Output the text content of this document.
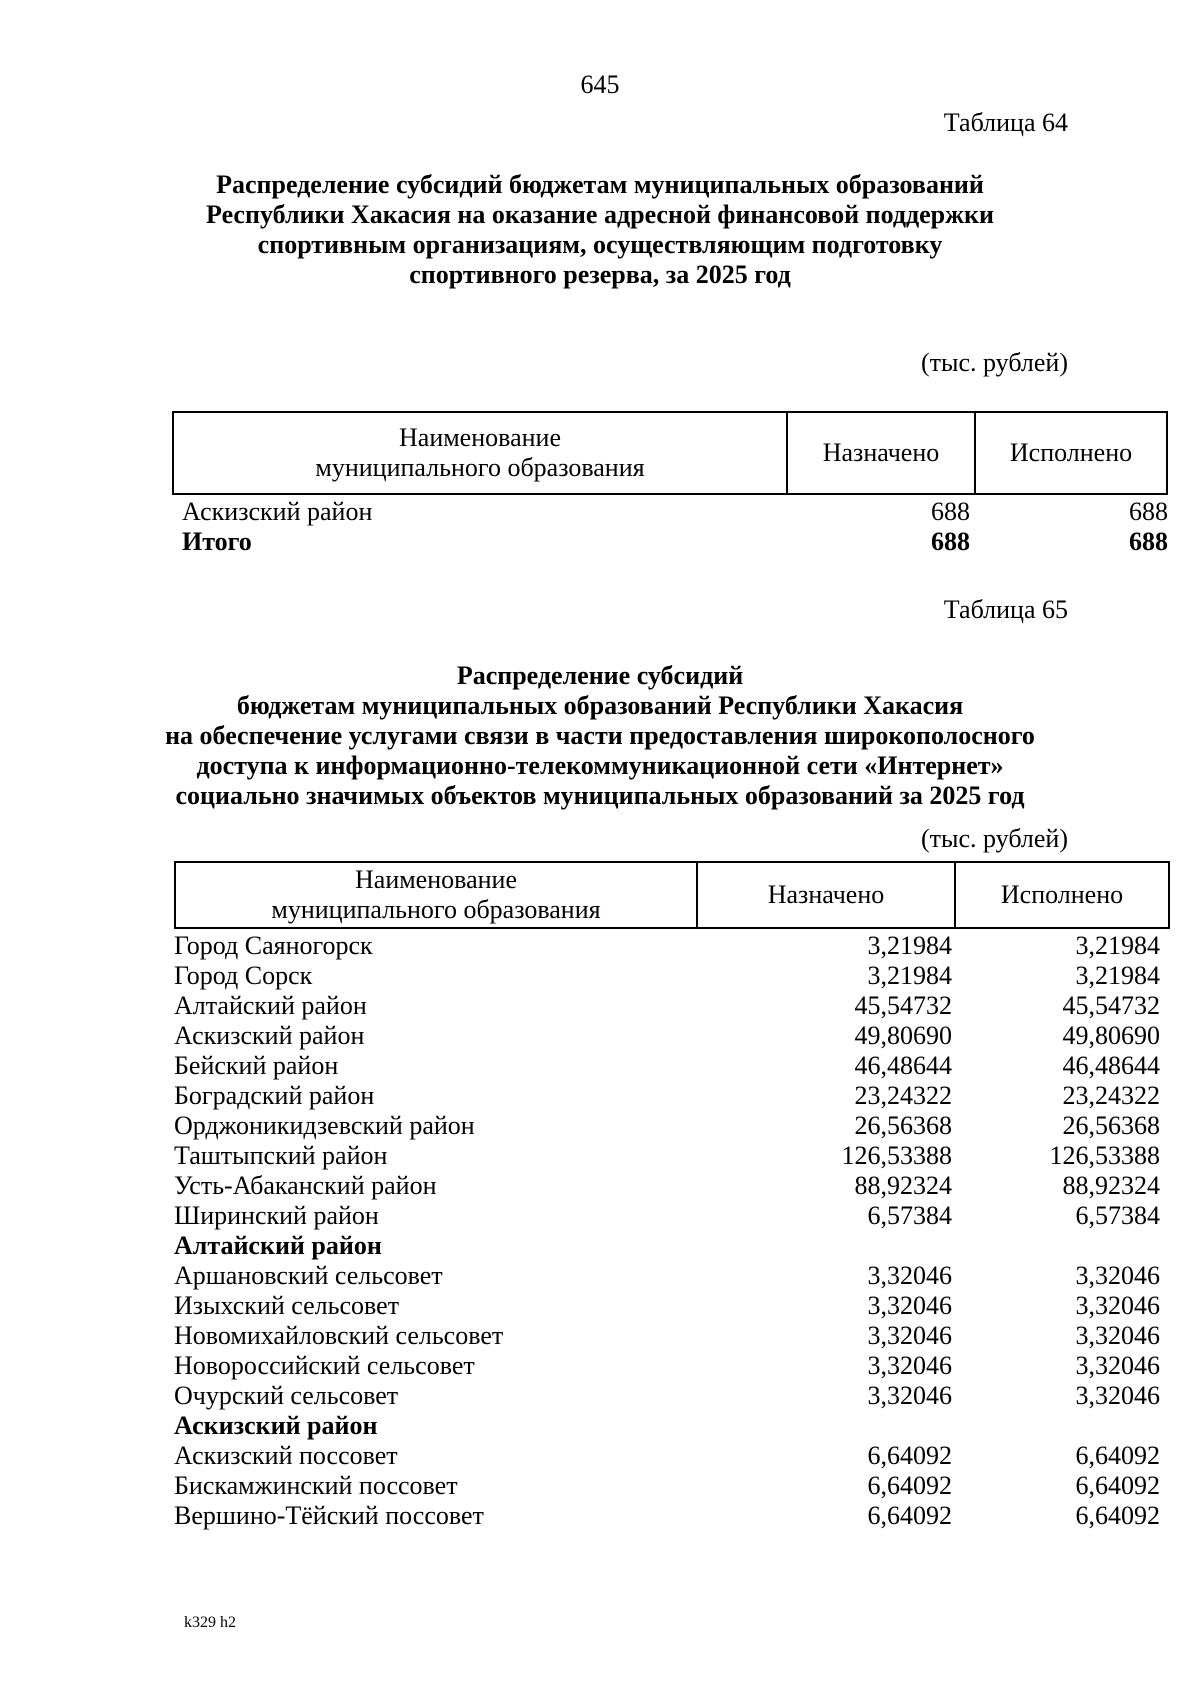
645
Таблица 64
Распределение субсидий бюджетам муниципальных образований
Республики Хакасия на оказание адресной финансовой поддержки
спортивным организациям, осуществляющим подготовку
спортивного резерва, за 2025 год
(тыс. рублей)
Наименование
муниципального образования
	Назначено	Исполнено
Аскизский район	688	688
Итого	688	688
Таблица 65
Распределение субсидий
бюджетам муниципальных образований Республики Хакасия
на обеспечение услугами связи в части предоставления широкополосного
доступа к информационно-телекоммуникационной сети «Интернет»
социально значимых объектов муниципальных образований за 2025 год
(тыс. рублей)
Наименование
муниципального образования
	Назначено	Исполнено
Город Саяногорск	3,21984	3,21984
Город Сорск	3,21984	3,21984
Алтайский район	45,54732	45,54732
Аскизский район	49,80690	49,80690
Бейский район	46,48644	46,48644
Боградский район	23,24322	23,24322
Орджоникидзевский район	26,56368	26,56368
Таштыпский район	126,53388	126,53388
Усть-Абаканский район	88,92324	88,92324
Ширинский район	6,57384	6,57384
Алтайский район		
Аршановский сельсовет	3,32046	3,32046
Изыхский сельсовет	3,32046	3,32046
Новомихайловский сельсовет	3,32046	3,32046
Новороссийский сельсовет	3,32046	3,32046
Очурский сельсовет	3,32046	3,32046
Аскизский район		
Аскизский поссовет	6,64092	6,64092
Бискамжинский поссовет	6,64092	6,64092
Вершино-Тёйский поссовет	6,64092	6,64092
k329 h2
